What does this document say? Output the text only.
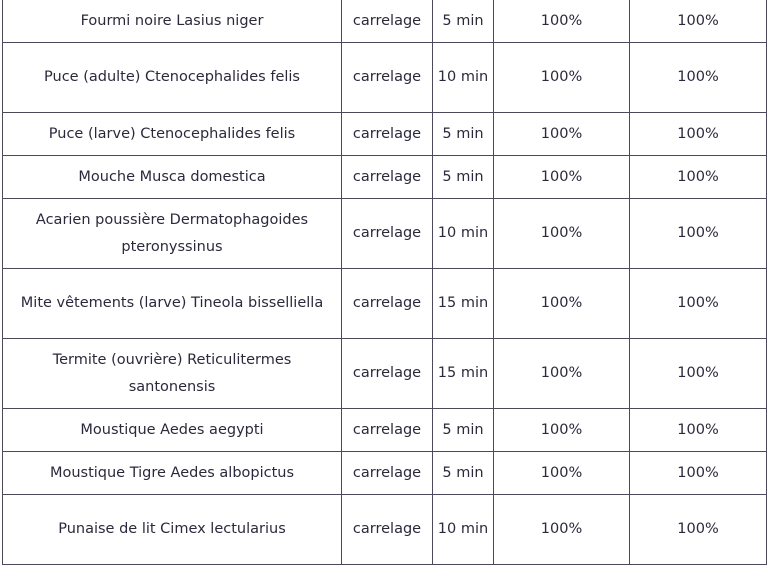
Fourmi noire Lasius niger	carrelage	5 min	100%	100%
Puce (adulte) Ctenocephalides felis	carrelage	10 min	100%	100%
Puce (larve) Ctenocephalides felis	carrelage	5 min	100%	100%
Mouche Musca domestica	carrelage	5 min	100%	100%
Acarien poussière Dermatophagoides pteronyssinus	carrelage	10 min	100%	100%
Mite vêtements (larve) Tineola bisselliella	carrelage	15 min	100%	100%
Termite (ouvrière) Reticulitermes santonensis	carrelage	15 min	100%	100%
Moustique Aedes aegypti	carrelage	5 min	100%	100%
Moustique Tigre Aedes albopictus	carrelage	5 min	100%	100%
Punaise de lit Cimex lectularius	carrelage	10 min	100%	100%
